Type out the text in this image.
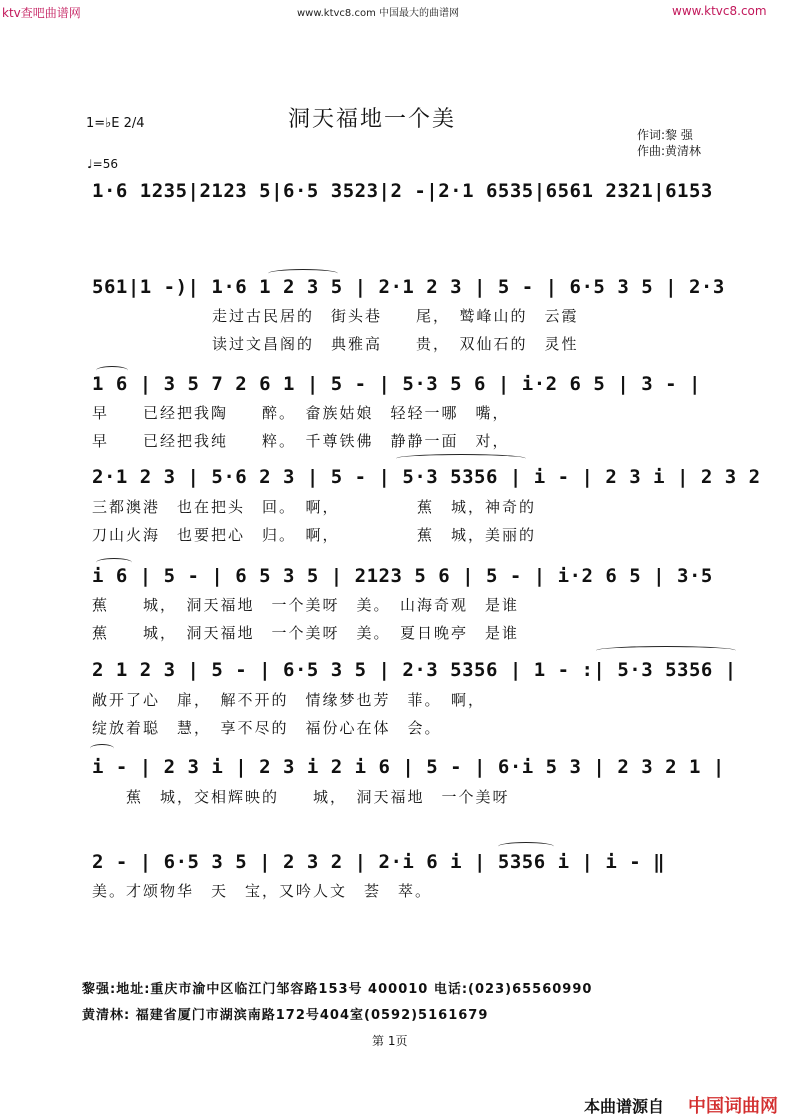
ktv查吧曲谱网	www.ktvc8.com 中国最大的曲谱网	www.ktvc8.com
洞天福地一个美
1=♭E 2/4
♩=56
作词:黎 强
作曲:黄清林
1·6 1235|2123 5|6·5 3523|2 -|2·1 6535|6561 2321|6153
561|1 -)| 1·6 1 2 3 5 | 2·1 2 3 | 5 - | 6·5 3 5 | 2·3
走过古民居的　街头巷　　尾，　鹫峰山的　云霞
读过文昌阁的　典雅高　　贵，　双仙石的　灵性
1 6 | 3 5 7 2 6 1 | 5 - | 5·3 5 6 | i·2 6 5 | 3 - |
早　　已经把我陶　　醉。　畲族姑娘　轻轻一哪　嘴，
早　　已经把我纯　　粹。　千尊铁佛　静静一面　对，
2·1 2 3 | 5·6 2 3 | 5 - | 5·3 5356 | i - | 2 3 i | 2 3 2
三都澳港　也在把头　回。　啊，　　　　　蕉　城，神奇的
刀山火海　也要把心　归。　啊，　　　　　蕉　城，美丽的
i 6 | 5 - | 6 5 3 5 | 2123 5 6 | 5 - | i·2 6 5 | 3·5
蕉　　城，　洞天福地　一个美呀　美。　山海奇观　是谁
蕉　　城，　洞天福地　一个美呀　美。　夏日晚亭　是谁
2 1 2 3 | 5 - | 6·5 3 5 | 2·3 5356 | 1 - :| 5·3 5356 |
敞开了心　扉，　解不开的　情缘梦也芳　菲。　啊，
绽放着聪　慧，　享不尽的　福份心在体　会。
i - | 2 3 i | 2 3 i 2 i 6 | 5 - | 6·i 5 3 | 2 3 2 1 |
　　蕉　城，交相辉映的　　城，　洞天福地　一个美呀
2 - | 6·5 3 5 | 2 3 2 | 2·i 6 i | 5356 i | i - ‖
美。才颂物华　天　宝，又吟人文　荟　萃。
黎强:地址:重庆市渝中区临江门邹容路153号 400010 电话:(023)65560990
黄清林: 福建省厦门市湖滨南路172号404室(0592)5161679
第 1页
本曲谱源自 中国词曲网
